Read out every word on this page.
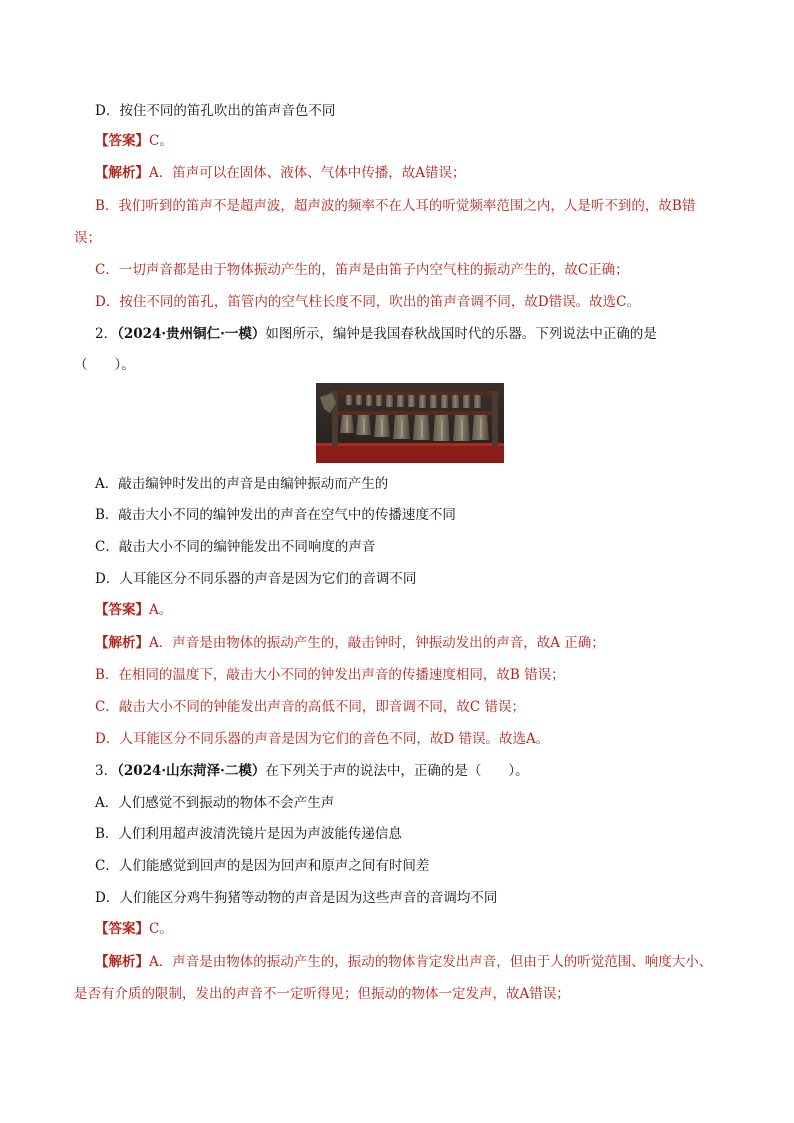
D．按住不同的笛孔吹出的笛声音色不同
【答案】C。
【解析】A．笛声可以在固体、液体、气体中传播，故A错误；
B．我们听到的笛声不是超声波，超声波的频率不在人耳的听觉频率范围之内，人是听不到的，故B错
误；
C．一切声音都是由于物体振动产生的，笛声是由笛子内空气柱的振动产生的，故C正确；
D．按住不同的笛孔，笛管内的空气柱长度不同，吹出的笛声音调不同，故D错误。故选C。
2．（2024·贵州铜仁·一模）如图所示，编钟是我国春秋战国时代的乐器。下列说法中正确的是
（　　）。
A．敲击编钟时发出的声音是由编钟振动而产生的
B．敲击大小不同的编钟发出的声音在空气中的传播速度不同
C．敲击大小不同的编钟能发出不同响度的声音
D．人耳能区分不同乐器的声音是因为它们的音调不同
【答案】A。
【解析】A．声音是由物体的振动产生的，敲击钟时，钟振动发出的声音，故A 正确；
B．在相同的温度下，敲击大小不同的钟发出声音的传播速度相同，故B 错误；
C．敲击大小不同的钟能发出声音的高低不同，即音调不同，故C 错误；
D．人耳能区分不同乐器的声音是因为它们的音色不同，故D 错误。故选A。
3．（2024·山东菏泽·二模）在下列关于声的说法中，正确的是（　　）。
A．人们感觉不到振动的物体不会产生声
B．人们利用超声波清洗镜片是因为声波能传递信息
C．人们能感觉到回声的是因为回声和原声之间有时间差
D．人们能区分鸡牛狗猪等动物的声音是因为这些声音的音调均不同
【答案】C。
【解析】A．声音是由物体的振动产生的，振动的物体肯定发出声音，但由于人的听觉范围、响度大小、
是否有介质的限制，发出的声音不一定听得见；但振动的物体一定发声，故A错误；
